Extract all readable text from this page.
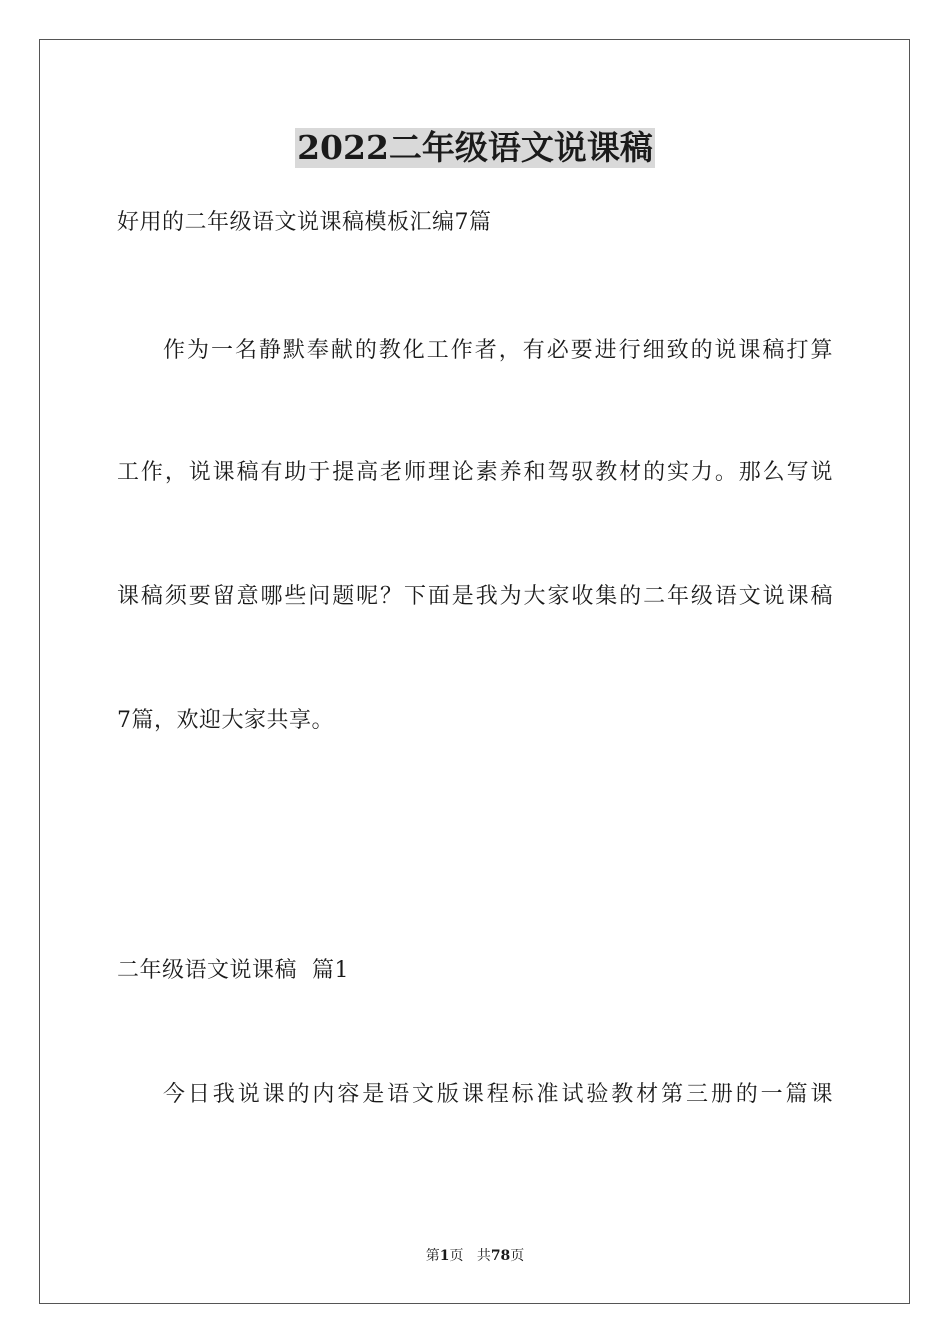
2022二年级语文说课稿
好用的二年级语文说课稿模板汇编7篇
作为一名静默奉献的教化工作者，有必要进行细致的说课稿打算
工作，说课稿有助于提高老师理论素养和驾驭教材的实力。那么写说
课稿须要留意哪些问题呢？下面是我为大家收集的二年级语文说课稿
7篇，欢迎大家共享。
二年级语文说课稿  篇1
今日我说课的内容是语文版课程标准试验教材第三册的一篇课
第1页 共78页
